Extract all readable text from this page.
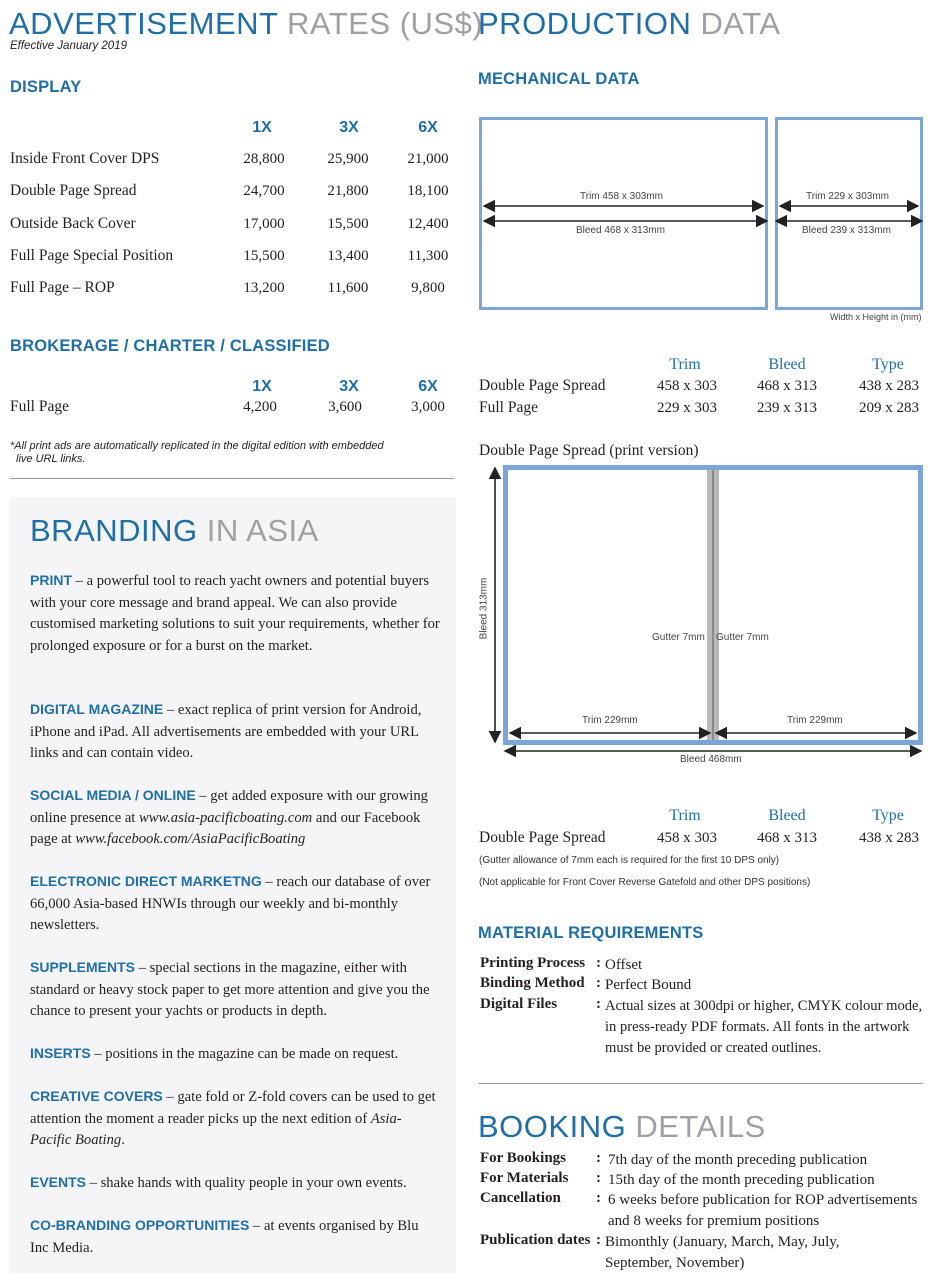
ADVERTISEMENT RATES (US$)
Effective January 2019
DISPLAY
1X	3X	6X
Inside Front Cover DPS	28,800	25,900	21,000
Double Page Spread	24,700	21,800	18,100
Outside Back Cover	17,000	15,500	12,400
Full Page Special Position	15,500	13,400	11,300
Full Page – ROP	13,200	11,600	9,800
BROKERAGE / CHARTER / CLASSIFIED
1X	3X	6X
Full Page	4,200	3,600	3,000
*All print ads are automatically replicated in the digital edition with embedded
live URL links.
BRANDING IN ASIA
PRINT – a powerful tool to reach yacht owners and potential buyers with your core message and brand appeal. We can also provide customised marketing solutions to suit your requirements, whether for prolonged exposure or for a burst on the market.
DIGITAL MAGAZINE – exact replica of print version for Android, iPhone and iPad. All advertisements are embedded with your URL links and can contain video.
SOCIAL MEDIA / ONLINE – get added exposure with our growing online presence at www.asia-pacificboating.com and our Facebook page at www.facebook.com/AsiaPacificBoating
ELECTRONIC DIRECT MARKETNG – reach our database of over 66,000 Asia-based HNWIs through our weekly and bi-monthly newsletters.
SUPPLEMENTS – special sections in the magazine, either with standard or heavy stock paper to get more attention and give you the chance to present your yachts or products in depth.
INSERTS – positions in the magazine can be made on request.
CREATIVE COVERS – gate fold or Z-fold covers can be used to get attention the moment a reader picks up the next edition of Asia-Pacific Boating.
EVENTS – shake hands with quality people in your own events.
CO-BRANDING OPPORTUNITIES – at events organised by Blu Inc Media.
PRODUCTION DATA
MECHANICAL DATA
Trim 458 x 303mm
Bleed 468 x 313mm
Trim 229 x 303mm
Bleed 239 x 313mm
Width x Height in (mm)
Trim	Bleed	Type
Double Page Spread	458 x 303	468 x 313	438 x 283
Full Page	229 x 303	239 x 313	209 x 283
Double Page Spread (print version)
Bleed 313mm	Gutter 7mm Gutter 7mm
Trim 229mm	Trim 229mm
Bleed 468mm
Trim	Bleed	Type
Double Page Spread	458 x 303	468 x 313	438 x 283
(Gutter allowance of 7mm each is required for the first 10 DPS only)
(Not applicable for Front Cover Reverse Gatefold and other DPS positions)
MATERIAL REQUIREMENTS
Printing Process : Offset
Binding Method : Perfect Bound
Digital Files	: Actual sizes at 300dpi or higher, CMYK colour mode, in press-ready PDF formats. All fonts in the artwork must be provided or created outlines.
BOOKING DETAILS
For Bookings : 7th day of the month preceding publication
For Materials : 15th day of the month preceding publication
Cancellation : 6 weeks before publication for ROP advertisements and 8 weeks for premium positions
Publication dates : Bimonthly (January, March, May, July, September, November)
